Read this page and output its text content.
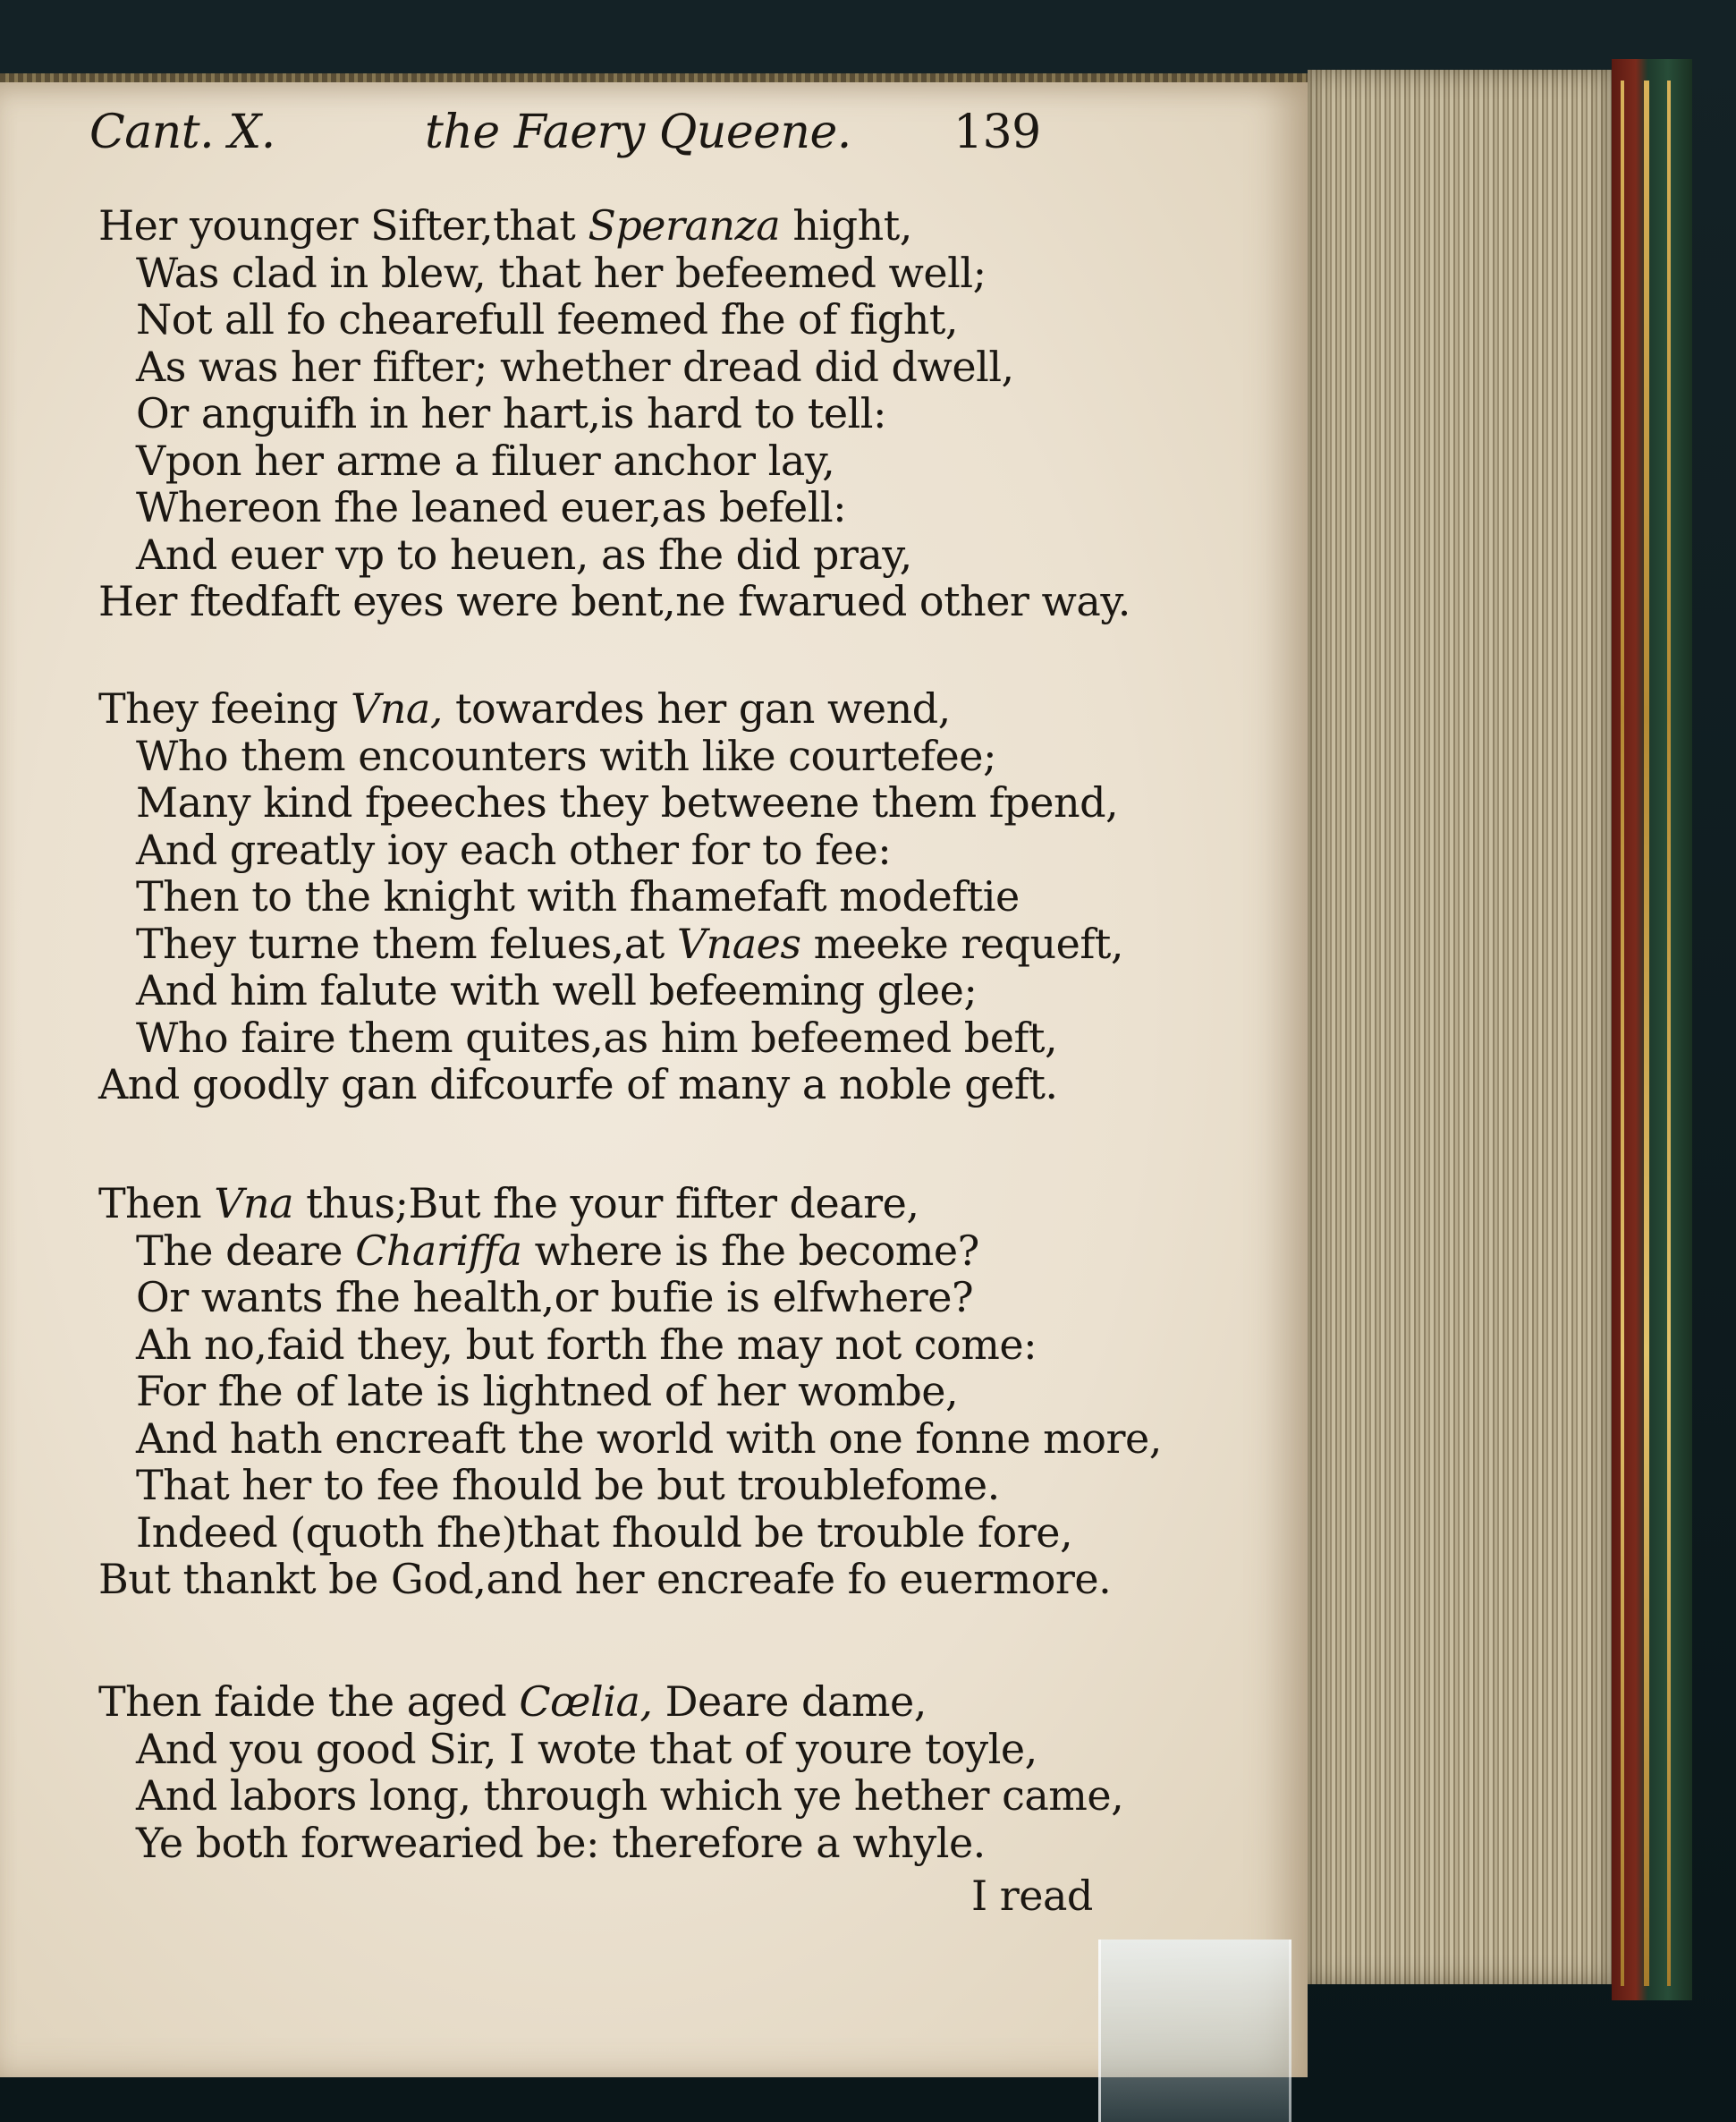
Cant. X.	the Faery Queene. 139
Her younger Sifter,that Speranza hight,
Was clad in blew, that her befeemed well;
Not all fo chearefull feemed fhe of fight,
As was her fifter; whether dread did dwell,
Or anguifh in her hart,is hard to tell:
Vpon her arme a filuer anchor lay,
Whereon fhe leaned euer,as befell:
And euer vp to heuen, as fhe did pray,
Her ftedfaft eyes were bent,ne fwarued other way.
They feeing Vna, towardes her gan wend,
Who them encounters with like courtefee;
Many kind fpeeches they betweene them fpend,
And greatly ioy each other for to fee:
Then to the knight with fhamefaft modeftie
They turne them felues,at Vnaes meeke requeft,
And him falute with well befeeming glee;
Who faire them quites,as him befeemed beft,
And goodly gan difcourfe of many a noble geft.
Then Vna thus;But fhe your fifter deare,
The deare Chariffa where is fhe become?
Or wants fhe health,or bufie is elfwhere?
Ah no,faid they, but forth fhe may not come:
For fhe of late is lightned of her wombe,
And hath encreaft the world with one fonne more,
That her to fee fhould be but troublefome.
Indeed (quoth fhe)that fhould be trouble fore,
But thankt be God,and her encreafe fo euermore.
Then faide the aged Cœlia, Deare dame,
And you good Sir, I wote that of youre toyle,
And labors long, through which ye hether came,
Ye both forwearied be: therefore a whyle.
I read
